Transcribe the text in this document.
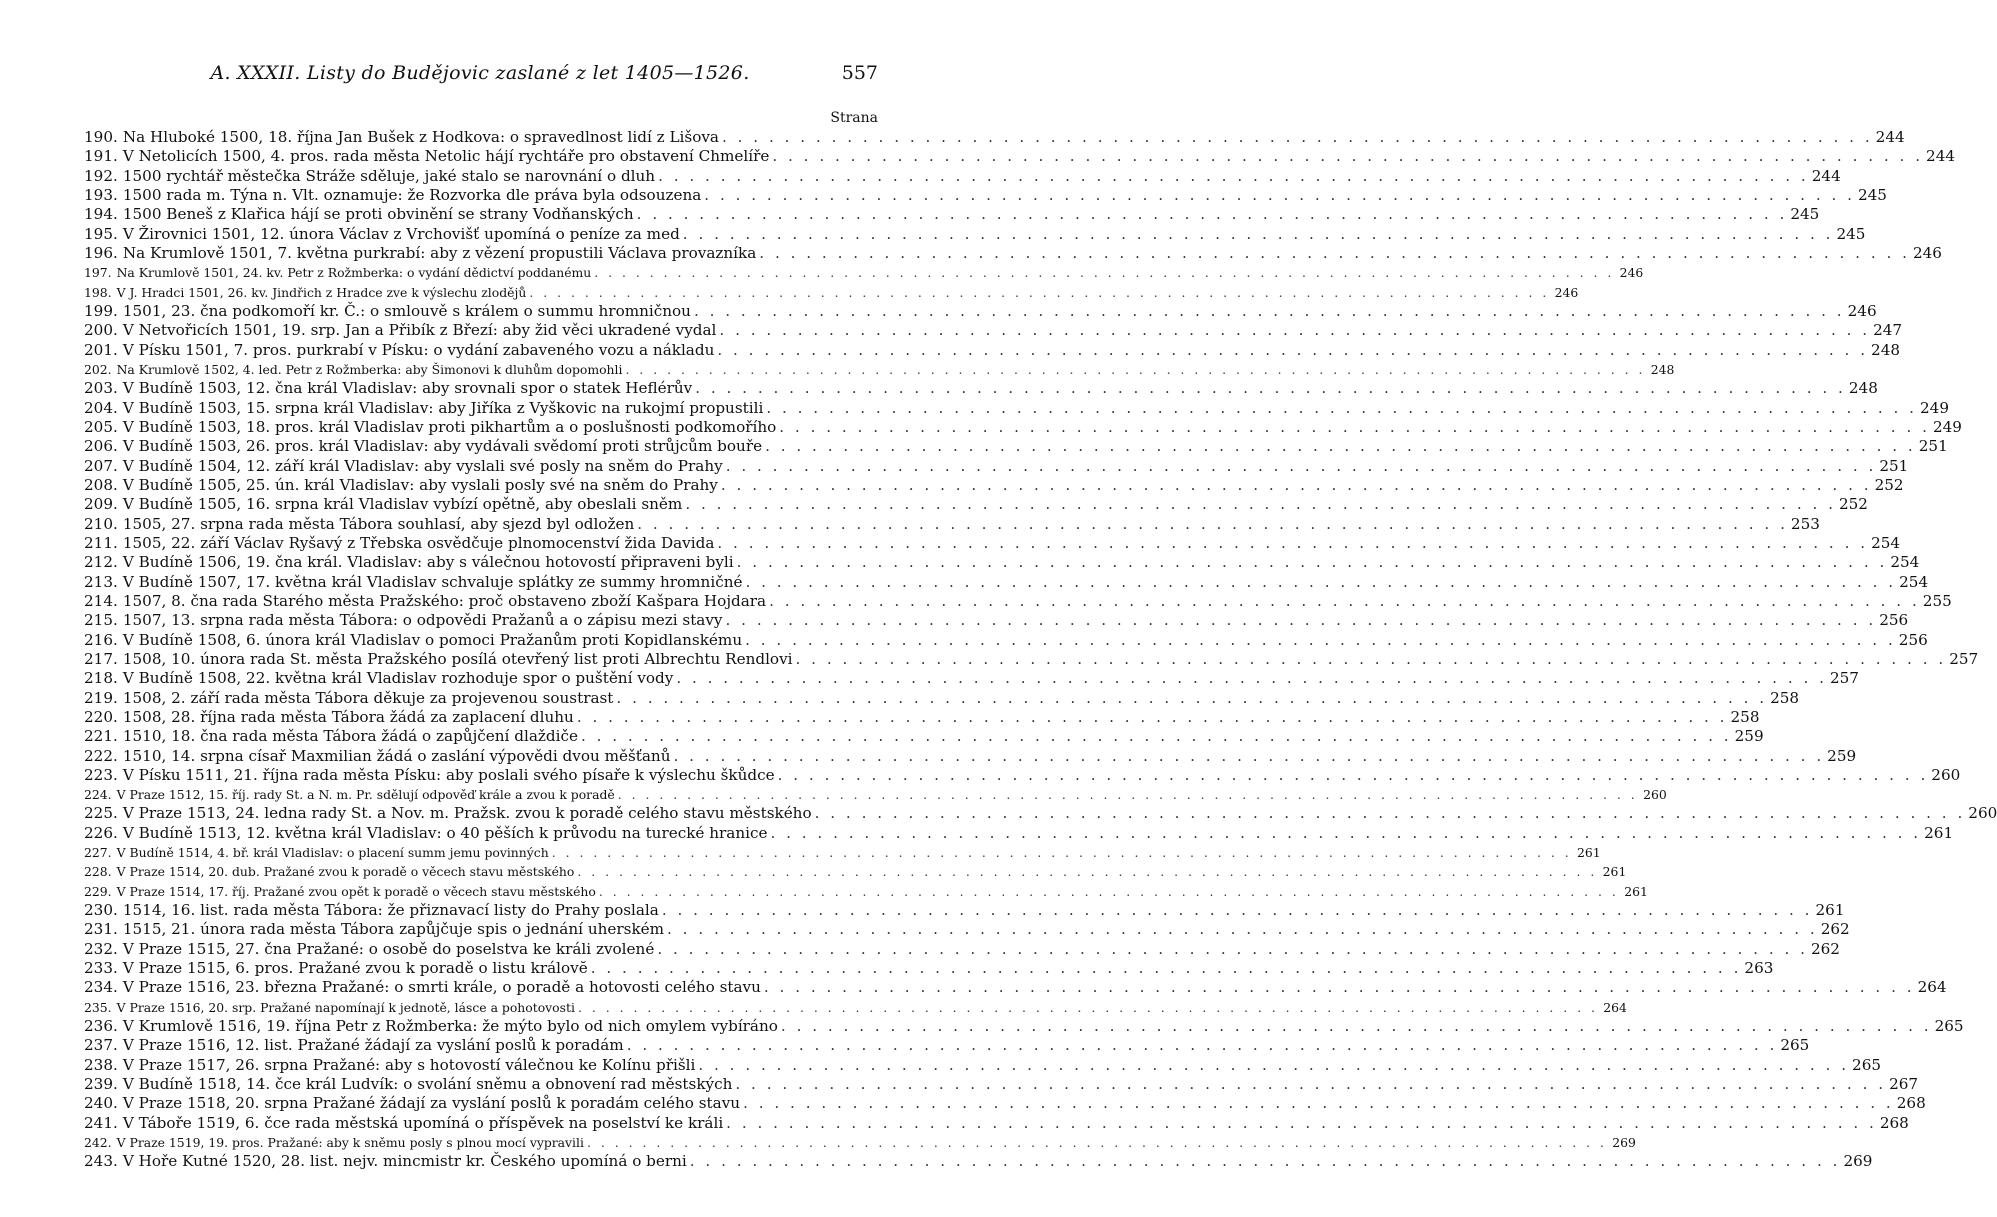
A. XXXII. Listy do Budějovic zaslané z let 1405—1526.	557
Strana
190. Na Hluboké 1500, 18. října Jan Bušek z Hodkova: o spravedlnost lidí z Lišova . . .	244
191. V Netolicích 1500, 4. pros. rada města Netolic hájí rychtáře pro obstavení Chmelíře . . .	244
192. 1500 rychtář městečka Stráže sděluje, jaké stalo se narovnání o dluh . . .	244
193. 1500 rada m. Týna n. Vlt. oznamuje: že Rozvorka dle práva byla odsouzena . . .	245
194. 1500 Beneš z Klařica hájí se proti obvinění se strany Vodňanských . . .	245
195. V Žirovnici 1501, 12. února Václav z Vrchovišť upomíná o peníze za med . . .	245
196. Na Krumlově 1501, 7. května purkrabí: aby z vězení propustili Václava provazníka . . .	246
197. Na Krumlově 1501, 24. kv. Petr z Rožmberka: o vydání dědictví poddanému . . .	246
198. V J. Hradci 1501, 26. kv. Jindřich z Hradce zve k výslechu zlodějů . . .	246
199. 1501, 23. čna podkomoří kr. Č.: o smlouvě s králem o summu hromničnou . . .	246
200. V Netvořicích 1501, 19. srp. Jan a Přibík z Březí: aby žid věci ukradené vydal . . .	247
201. V Písku 1501, 7. pros. purkrabí v Písku: o vydání zabaveného vozu a nákladu . . .	248
202. Na Krumlově 1502, 4. led. Petr z Rožmberka: aby Šimonovi k dluhům dopomohli . . .	248
203. V Budíně 1503, 12. čna král Vladislav: aby srovnali spor o statek Heflérův . . .	248
204. V Budíně 1503, 15. srpna král Vladislav: aby Jiříka z Vyškovic na rukojmí propustili . . .	249
205. V Budíně 1503, 18. pros. král Vladislav proti pikhartům a o poslušnosti podkomořího . . .	249
206. V Budíně 1503, 26. pros. král Vladislav: aby vydávali svědomí proti strůjcům bouře . . .	251
207. V Budíně 1504, 12. září král Vladislav: aby vyslali své posly na sněm do Prahy . . .	251
208. V Budíně 1505, 25. ún. král Vladislav: aby vyslali posly své na sněm do Prahy . . .	252
209. V Budíně 1505, 16. srpna král Vladislav vybízí opětně, aby obeslali sněm . . .	252
210. 1505, 27. srpna rada města Tábora souhlasí, aby sjezd byl odložen . . .	253
211. 1505, 22. září Václav Ryšavý z Třebska osvědčuje plnomocenství žida Davida . . .	254
212. V Budíně 1506, 19. čna král. Vladislav: aby s válečnou hotovostí připraveni byli . . .	254
213. V Budíně 1507, 17. května král Vladislav schvaluje splátky ze summy hromničné . . .	254
214. 1507, 8. čna rada Starého města Pražského: proč obstaveno zboží Kašpara Hojdara . . .	255
215. 1507, 13. srpna rada města Tábora: o odpovědi Pražanů a o zápisu mezi stavy . . .	256
216. V Budíně 1508, 6. února král Vladislav o pomoci Pražanům proti Kopidlanskému . . .	256
217. 1508, 10. února rada St. města Pražského posílá otevřený list proti Albrechtu Rendlovi . . .	257
218. V Budíně 1508, 22. května král Vladislav rozhoduje spor o puštění vody . . .	257
219. 1508, 2. září rada města Tábora děkuje za projevenou soustrast . . .	258
220. 1508, 28. října rada města Tábora žádá za zaplacení dluhu . . .	258
221. 1510, 18. čna rada města Tábora žádá o zapůjčení dlaždiče . . .	259
222. 1510, 14. srpna císař Maxmilian žádá o zaslání výpovědi dvou měšťanů . . .	259
223. V Písku 1511, 21. října rada města Písku: aby poslali svého písaře k výslechu škůdce . . .	260
224. V Praze 1512, 15. říj. rady St. a N. m. Pr. sdělují odpověď krále a zvou k poradě . . .	260
225. V Praze 1513, 24. ledna rady St. a Nov. m. Pražsk. zvou k poradě celého stavu městského . . .	260
226. V Budíně 1513, 12. května král Vladislav: o 40 pěších k průvodu na turecké hranice . . .	261
227. V Budíně 1514, 4. bř. král Vladislav: o placení summ jemu povinných . . .	261
228. V Praze 1514, 20. dub. Pražané zvou k poradě o věcech stavu městského . . .	261
229. V Praze 1514, 17. říj. Pražané zvou opět k poradě o věcech stavu městského . . .	261
230. 1514, 16. list. rada města Tábora: že přiznavací listy do Prahy poslala . . .	261
231. 1515, 21. února rada města Tábora zapůjčuje spis o jednání uherském . . .	262
232. V Praze 1515, 27. čna Pražané: o osobě do poselstva ke králi zvolené . . .	262
233. V Praze 1515, 6. pros. Pražané zvou k poradě o listu královĕ . . .	263
234. V Praze 1516, 23. března Pražané: o smrti krále, o poradě a hotovosti celého stavu . . .	264
235. V Praze 1516, 20. srp. Pražané napomínají k jednotě, lásce a pohotovosti . . .	264
236. V Krumlově 1516, 19. října Petr z Rožmberka: že mýto bylo od nich omylem vybíráno . . .	265
237. V Praze 1516, 12. list. Pražané žádají za vyslání poslů k poradám . . .	265
238. V Praze 1517, 26. srpna Pražané: aby s hotovostí válečnou ke Kolínu přišli . . .	265
239. V Budíně 1518, 14. čce král Ludvík: o svolání sněmu a obnovení rad městských . . .	267
240. V Praze 1518, 20. srpna Pražané žádají za vyslání poslů k poradám celého stavu . . .	268
241. V Táboře 1519, 6. čce rada městská upomíná o příspěvek na poselství ke králi . . .	268
242. V Praze 1519, 19. pros. Pražané: aby k sněmu posly s plnou mocí vypravili . . .	269
243. V Hoře Kutné 1520, 28. list. nejv. mincmistr kr. Českého upomíná o berni . . .	269
